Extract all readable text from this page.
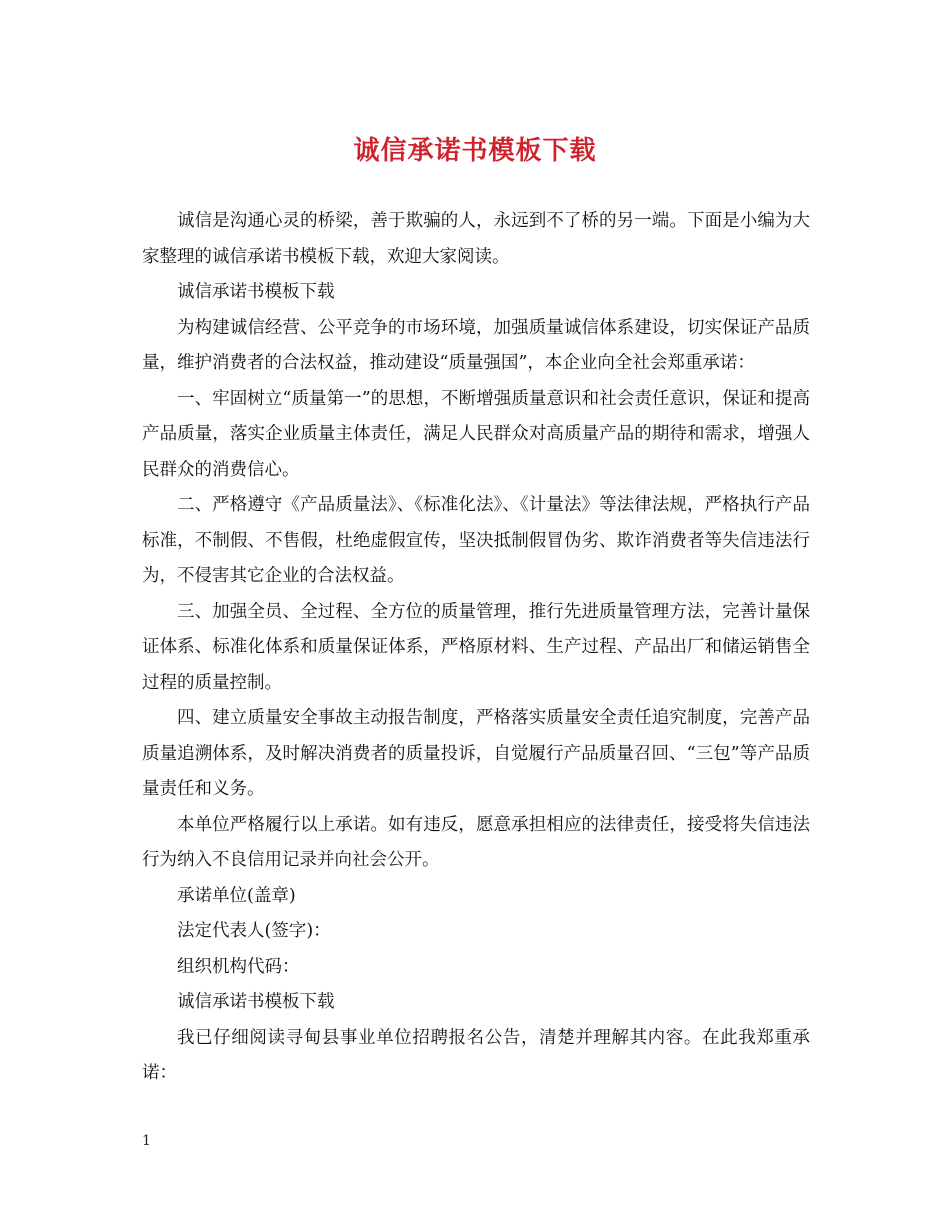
诚信承诺书模板下载

诚信是沟通心灵的桥梁，善于欺骗的人，永远到不了桥的另一端。下面是小编为大家整理的诚信承诺书模板下载，欢迎大家阅读。

诚信承诺书模板下载

为构建诚信经营、公平竞争的市场环境，加强质量诚信体系建设，切实保证产品质量，维护消费者的合法权益，推动建设“质量强国”，本企业向全社会郑重承诺：

一、牢固树立“质量第一”的思想，不断增强质量意识和社会责任意识，保证和提高产品质量，落实企业质量主体责任，满足人民群众对高质量产品的期待和需求，增强人民群众的消费信心。

二、严格遵守《产品质量法》、《标准化法》、《计量法》等法律法规，严格执行产品标准，不制假、不售假，杜绝虚假宣传，坚决抵制假冒伪劣、欺诈消费者等失信违法行为，不侵害其它企业的合法权益。

三、加强全员、全过程、全方位的质量管理，推行先进质量管理方法，完善计量保证体系、标准化体系和质量保证体系，严格原材料、生产过程、产品出厂和储运销售全过程的质量控制。

四、建立质量安全事故主动报告制度，严格落实质量安全责任追究制度，完善产品质量追溯体系，及时解决消费者的质量投诉，自觉履行产品质量召回、“三包”等产品质量责任和义务。

本单位严格履行以上承诺。如有违反，愿意承担相应的法律责任，接受将失信违法行为纳入不良信用记录并向社会公开。

承诺单位(盖章)

法定代表人(签字)：

组织机构代码：

诚信承诺书模板下载

我已仔细阅读寻甸县事业单位招聘报名公告，清楚并理解其内容。在此我郑重承诺：

1
